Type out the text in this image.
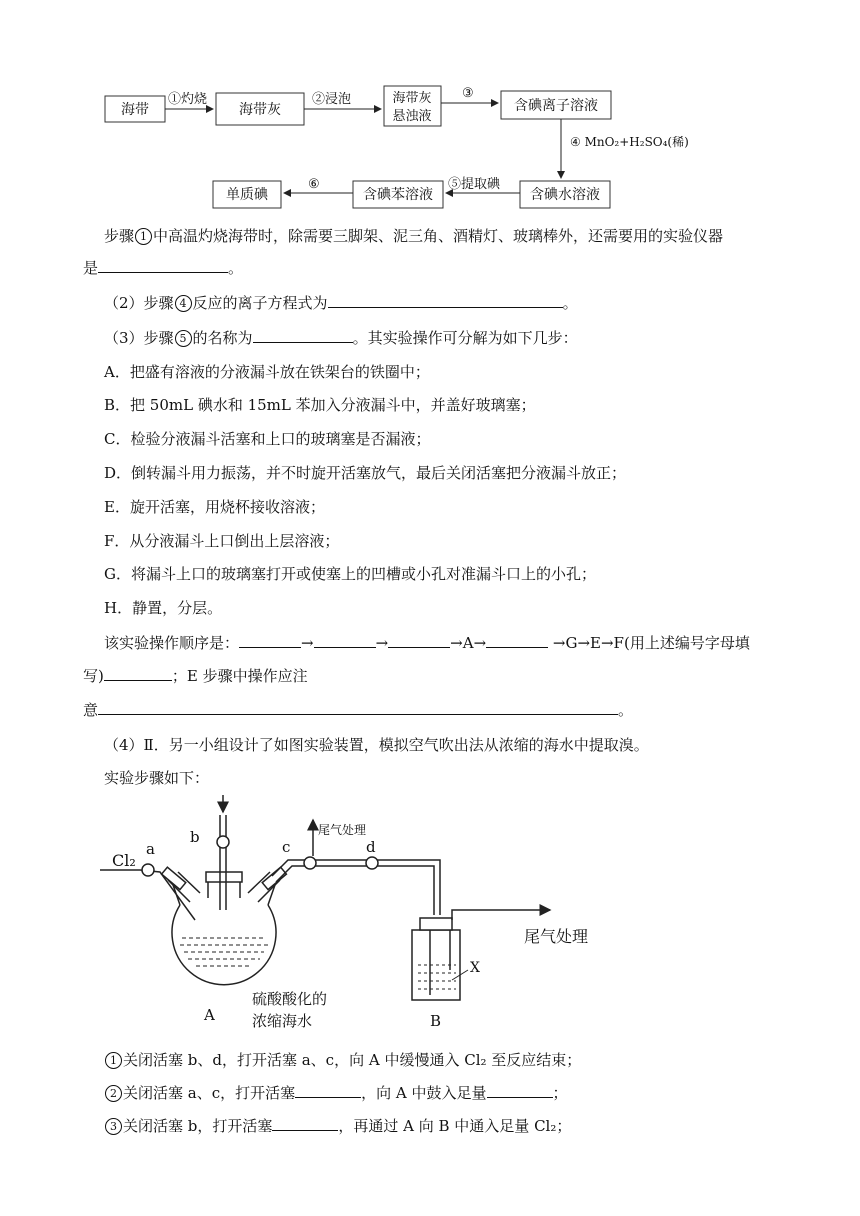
海带
①灼烧
海带灰
②浸泡	海带灰
悬浊液
③
含碘离子溶液
④ MnO₂+H₂SO₄(稀)
含碘水溶液
⑤提取碘
含碘苯溶液
⑥
单质碘
步骤 1 中高温灼烧海带时，除需要三脚架、泥三角、酒精灯、玻璃棒外，还需要用的实验仪器
是	。
（2）步骤 4 反应的离子方程式为	。
（3）步骤 5 的名称为	。其实验操作可分解为如下几步：
A．把盛有溶液的分液漏斗放在铁架台的铁圈中；
B．把 50mL 碘水和 15mL 苯加入分液漏斗中，并盖好玻璃塞；
C．检验分液漏斗活塞和上口的玻璃塞是否漏液；
D．倒转漏斗用力振荡，并不时旋开活塞放气，最后关闭活塞把分液漏斗放正；
E．旋开活塞，用烧杯接收溶液；
F．从分液漏斗上口倒出上层溶液；
G．将漏斗上口的玻璃塞打开或使塞上的凹槽或小孔对准漏斗口上的小孔；
H．静置，分层。
该实验操作顺序是：	→	→	→A→	→G→E→F(用上述编号字母填
写)	；E 步骤中操作应注
意	。
（4）Ⅱ．另一小组设计了如图实验装置，模拟空气吹出法从浓缩的海水中提取溴。
实验步骤如下：
Cl₂
a
b
c	d
尾气处理
尾气处理
硫酸酸化的
浓缩海水
A	B
X
1 关闭活塞 b、d，打开活塞 a、c，向 A 中缓慢通入 Cl₂ 至反应结束；
2 关闭活塞 a、c，打开活塞	，向 A 中鼓入足量	；
3 关闭活塞 b，打开活塞	，再通过 A 向 B 中通入足量 Cl₂；
